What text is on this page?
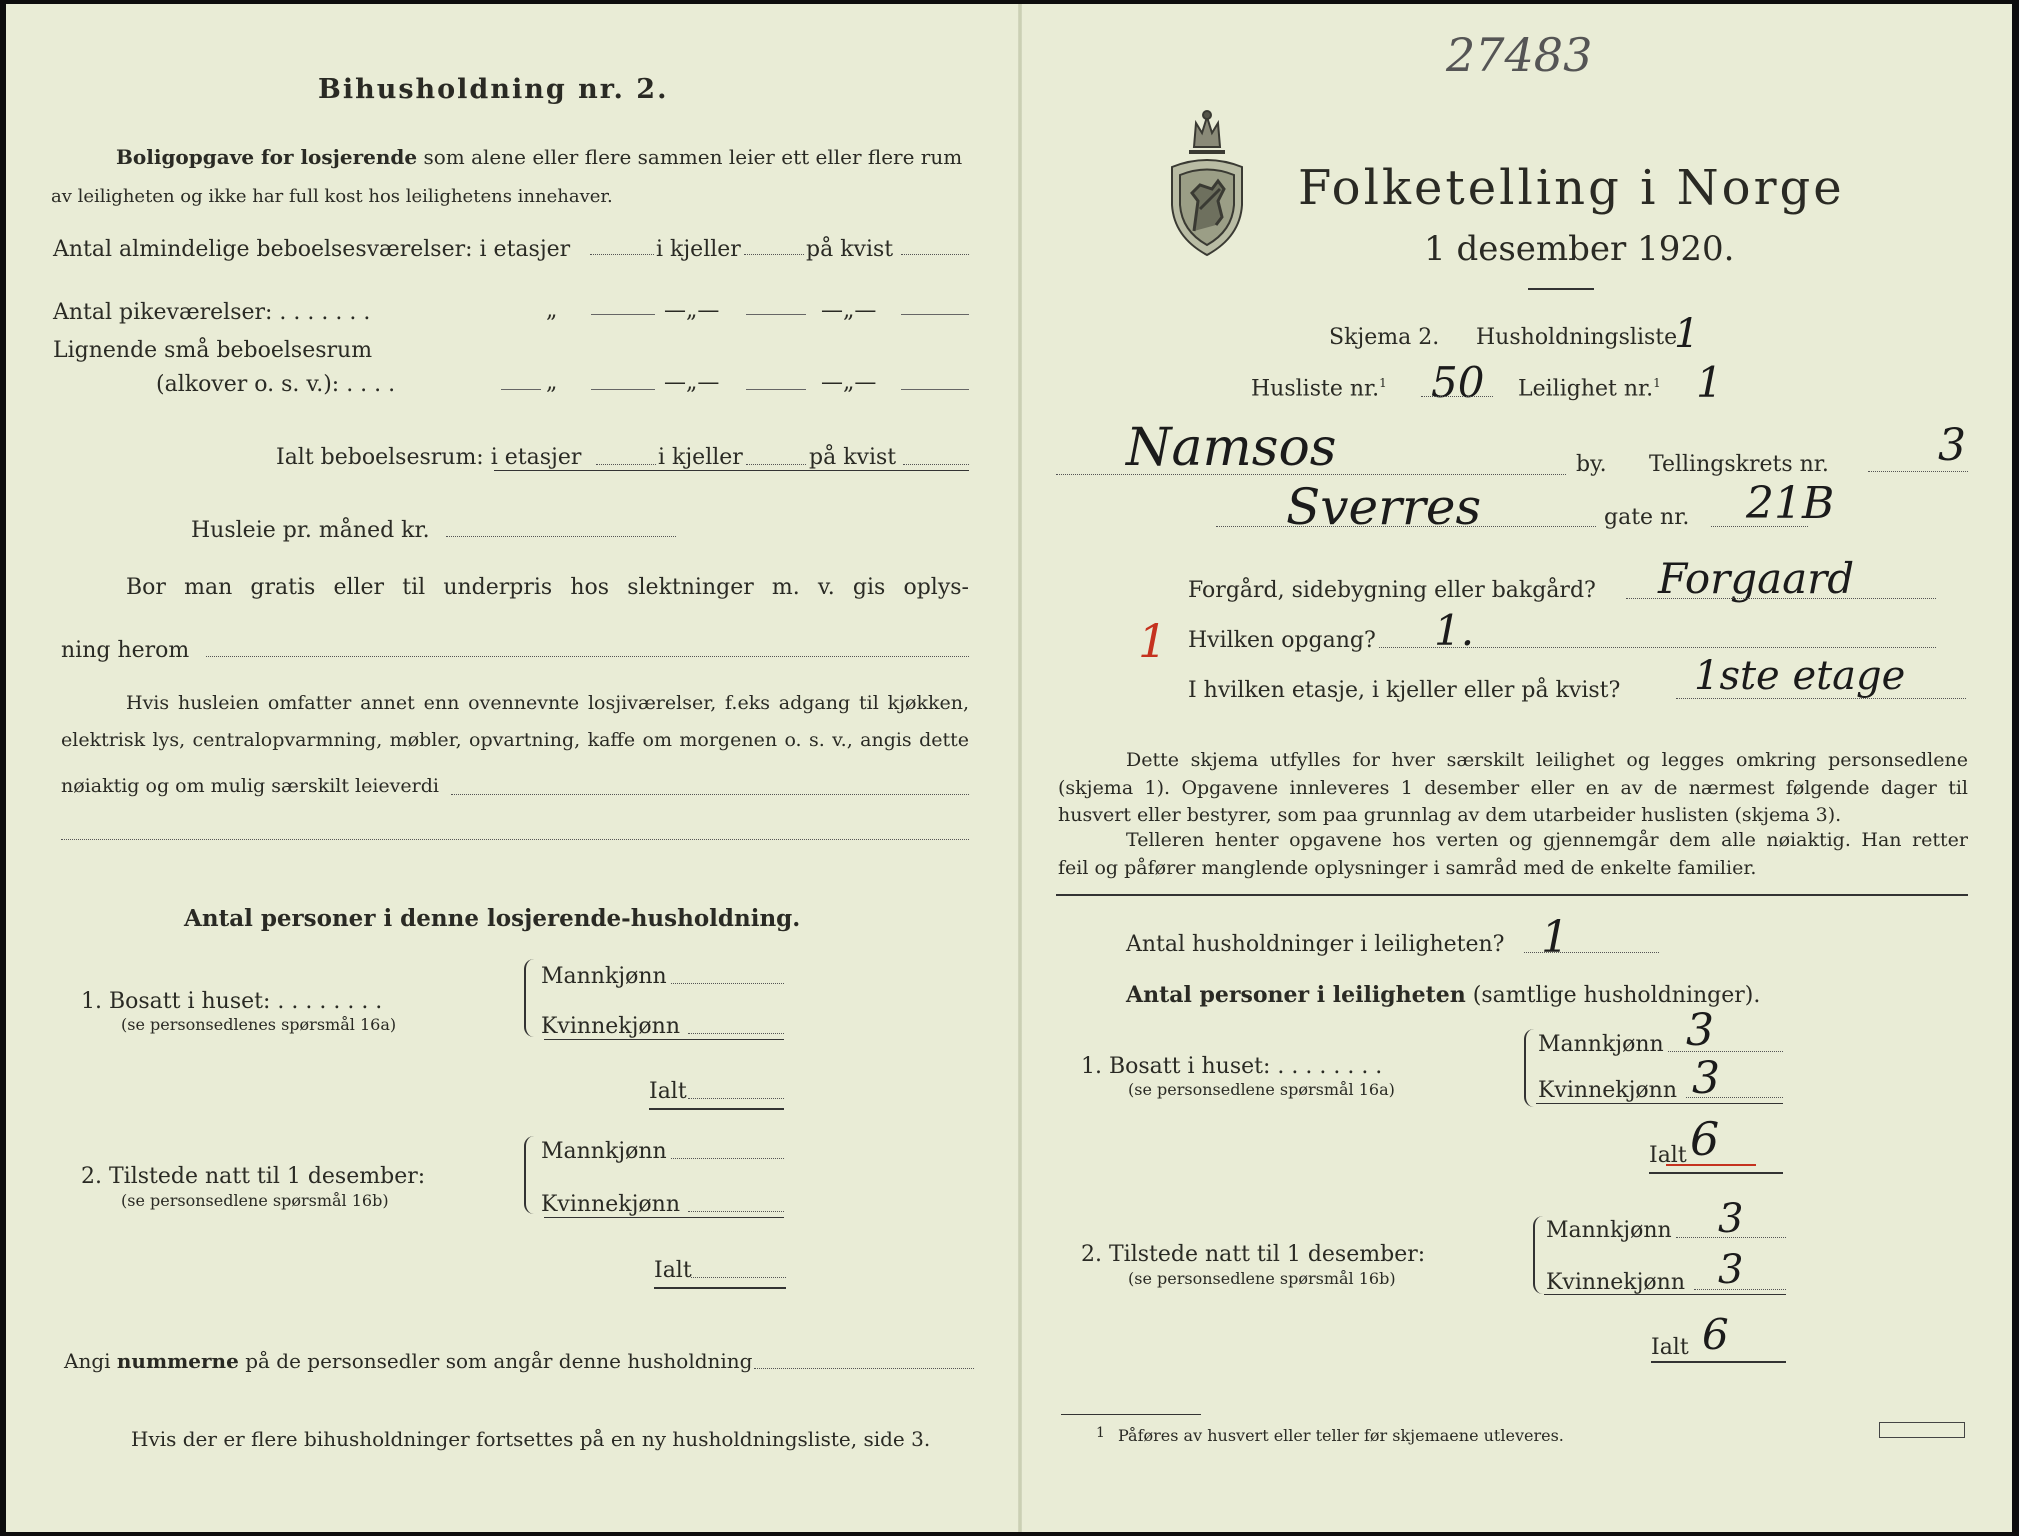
27483
Bihusholdning nr. 2.
Boligopgave for losjerende som alene eller flere sammen leier ett eller flere rum
av leiligheten og ikke har full kost hos leilighetens innehaver.
Antal almindelige beboelsesværelser: i etasjer	i kjeller	på kvist
Antal pikeværelser: . . . . . . .	„	—„—	—„—
Lignende små beboelsesrum
(alkover o. s. v.): . . . .	„	—„—	—„—
Ialt beboelsesrum: i etasjer	i kjeller	på kvist
Husleie pr. måned kr.
Bor man gratis eller til underpris hos slektninger m. v. gis oplys-
ning herom
Hvis husleien omfatter annet enn ovennevnte losjiværelser, f.eks adgang til kjøkken,
elektrisk lys, centralopvarmning, møbler, opvartning, kaffe om morgenen o. s. v., angis dette
nøiaktig og om mulig særskilt leieverdi
Antal personer i denne losjerende-husholdning.
1. Bosatt i huset: . . . . . . . .
(se personsedlenes spørsmål 16a)
Mannkjønn
Kvinnekjønn
Ialt
2. Tilstede natt til 1 desember:
(se personsedlene spørsmål 16b)
Mannkjønn
Kvinnekjønn
Ialt
Angi nummerne på de personsedler som angår denne husholdning
Hvis der er flere bihusholdninger fortsettes på en ny husholdningsliste, side 3.
Folketelling i Norge
1 desember 1920.
Skjema 2. Husholdningsliste
1
Husliste nr.$^1$ 50 Leilighet nr.$^1$ 1
Namsos	by. Tellingskrets nr. 3
Sverres	gate nr. 21B
Forgård, sidebygning eller bakgård? Forgaard
1 Hvilken opgang? 1.
I hvilken etasje, i kjeller eller på kvist? 1ste etage
Dette skjema utfylles for hver særskilt leilighet og legges omkring personsedlene
(skjema 1). Opgavene innleveres 1 desember eller en av de nærmest følgende dager til
husvert eller bestyrer, som paa grunnlag av dem utarbeider huslisten (skjema 3).
Telleren henter opgavene hos verten og gjennemgår dem alle nøiaktig. Han retter
feil og påfører manglende oplysninger i samråd med de enkelte familier.
Antal husholdninger i leiligheten? 1
Antal personer i leiligheten (samtlige husholdninger).
1. Bosatt i huset: . . . . . . . .
(se personsedlene spørsmål 16a)
Mannkjønn 3
Kvinnekjønn 3
Ialt 6
2. Tilstede natt til 1 desember:
(se personsedlene spørsmål 16b)
Mannkjønn 3
Kvinnekjønn 3
Ialt 6
1 Påføres av husvert eller teller før skjemaene utleveres.
